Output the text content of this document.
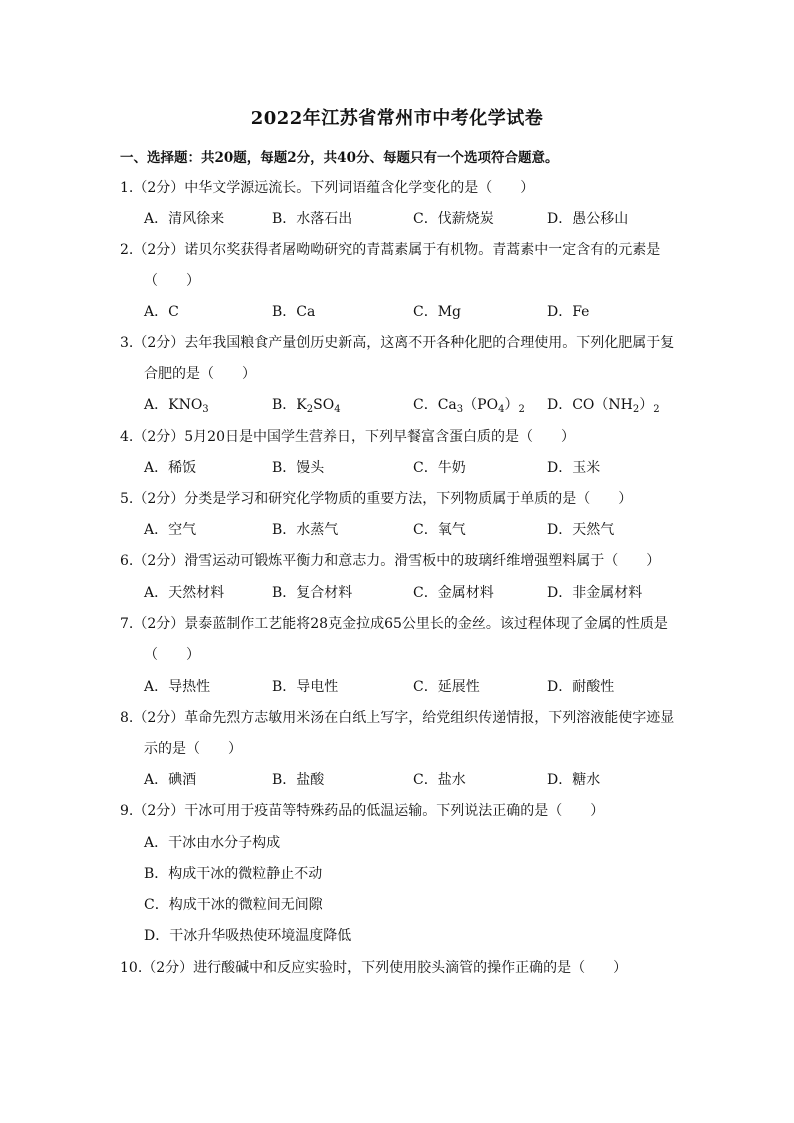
2022年江苏省常州市中考化学试卷
一、选择题：共20题，每题2分，共40分、每题只有一个选项符合题意。
1.（2分）中华文学源远流长。下列词语蕴含化学变化的是（　　）
A．清风徐来	B．水落石出	C．伐薪烧炭	D．愚公移山
2.（2分）诺贝尔奖获得者屠呦呦研究的青蒿素属于有机物。青蒿素中一定含有的元素是
（　　）
A．C	B．Ca	C．Mg	D．Fe
3.（2分）去年我国粮食产量创历史新高，这离不开各种化肥的合理使用。下列化肥属于复
合肥的是（　　）
A．$KNO_3$	B．$K_2SO_4$	C．$Ca_3(PO_4)_2$ D．$CO(NH_2)_2$
4.（2分）5月20日是中国学生营养日，下列早餐富含蛋白质的是（　　）
A．稀饭	B．馒头	C．牛奶	D．玉米
5.（2分）分类是学习和研究化学物质的重要方法，下列物质属于单质的是（　　）
A．空气	B．水蒸气	C．氧气	D．天然气
6.（2分）滑雪运动可锻炼平衡力和意志力。滑雪板中的玻璃纤维增强塑料属于（　　）
A．天然材料	B．复合材料	C．金属材料	D．非金属材料
7.（2分）景泰蓝制作工艺能将28克金拉成65公里长的金丝。该过程体现了金属的性质是
（　　）
A．导热性	B．导电性	C．延展性	D．耐酸性
8.（2分）革命先烈方志敏用米汤在白纸上写字，给党组织传递情报，下列溶液能使字迹显
示的是（　　）
A．碘酒	B．盐酸	C．盐水	D．糖水
9.（2分）干冰可用于疫苗等特殊药品的低温运输。下列说法正确的是（　　）
A．干冰由水分子构成
B．构成干冰的微粒静止不动
C．构成干冰的微粒间无间隙
D．干冰升华吸热使环境温度降低
10.（2分）进行酸碱中和反应实验时，下列使用胶头滴管的操作正确的是（　　）
